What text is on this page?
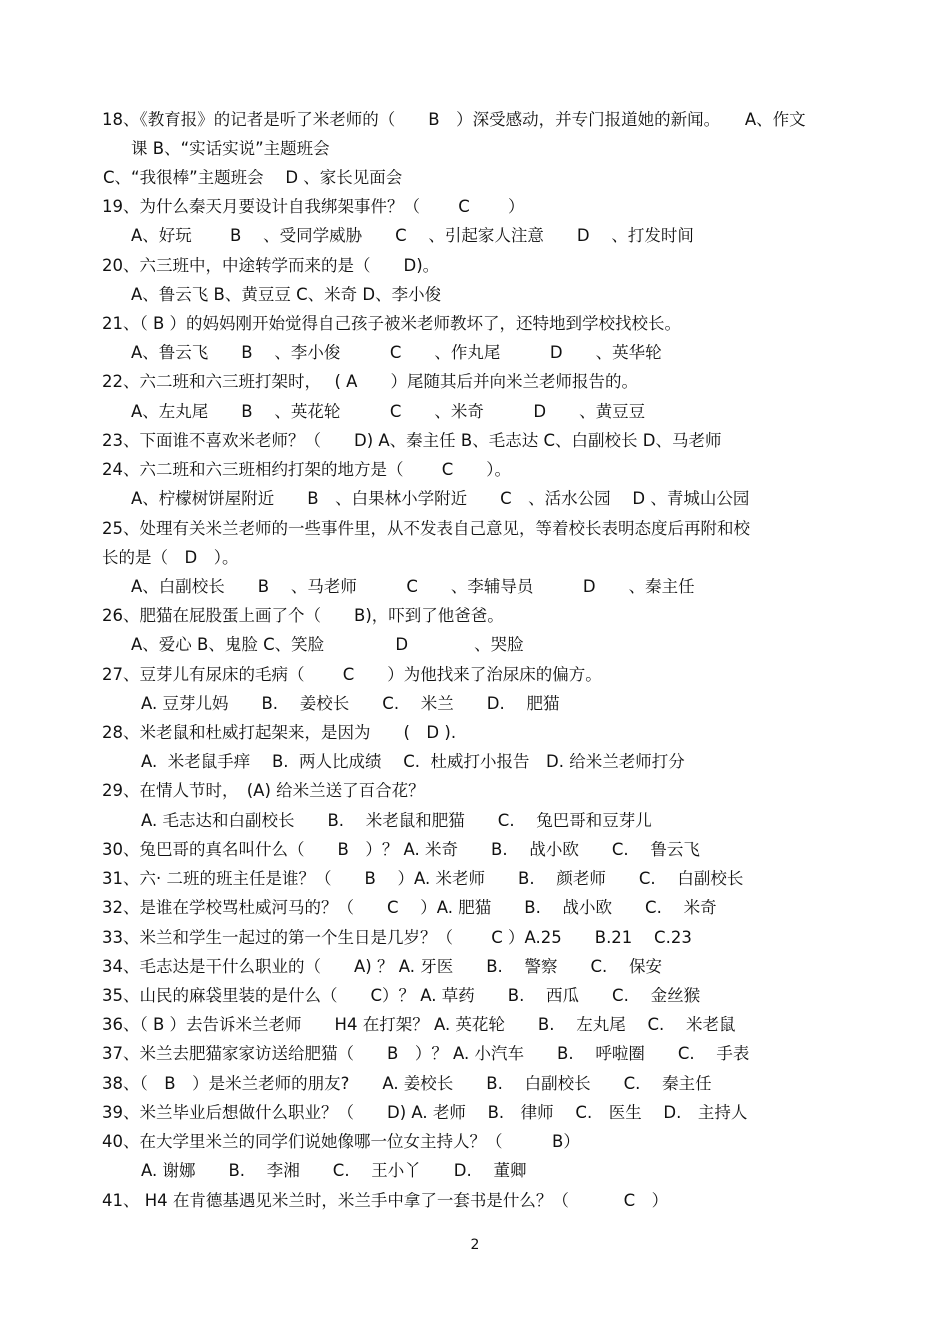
18、《教育报》的记者是听了米老师的（　　B　）深受感动，并专门报道她的新闻。　　A、作文
课 B、“实话实说”主题班会
C、“我很棒”主题班会　 D 、家长见面会
19、为什么秦天月要设计自我绑架事件？（　　 C　　 ）
A、好玩　　 B　 、受同学威胁　　C　 、引起家人注意　　D　 、打发时间
20、六三班中，中途转学而来的是（　　D)。
A、鲁云飞 B、黄豆豆 C、米奇 D、李小俊
21、（ B ）的妈妈刚开始觉得自己孩子被米老师教坏了，还特地到学校找校长。
A、鲁云飞　　B　 、李小俊　　　C　　、作丸尾　　　D　　、英华轮
22、六二班和六三班打架时，　 ( A　　）尾随其后并向米兰老师报告的。
A、左丸尾　　B　 、英花轮　　　C　　、米奇　　　D　　、黄豆豆
23、下面谁不喜欢米老师？（　　D) A、秦主任 B、毛志达 C、白副校长 D、马老师
24、六二班和六三班相约打架的地方是（　　 C　　）。
A、柠檬树饼屋附近　　B　、白果林小学附近　　C　、活水公园　 D 、青城山公园
25、处理有关米兰老师的一些事件里，从不发表自己意见，等着校长表明态度后再附和校
长的是（　D　）。
A、白副校长　　B　 、马老师　　　C　　、李辅导员　　　D　　、秦主任
26、肥猫在屁股蛋上画了个（　　B)，吓到了他爸爸。
A、爱心 B、鬼脸 C、笑脸　　　　 D　　　　、哭脸
27、豆芽儿有尿床的毛病（　　 C　　）为他找来了治尿床的偏方。
A. 豆芽儿妈　　B.　 姜校长　　C.　 米兰　　D.　 肥猫
28、米老鼠和杜威打起架来，是因为　　(　D ).
A.  米老鼠手痒　 B.  两人比成绩　 C.  杜威打小报告　D. 给米兰老师打分
29、在情人节时，　(A) 给米兰送了百合花？
A. 毛志达和白副校长　　B.　 米老鼠和肥猫　　C.　 兔巴哥和豆芽儿
30、兔巴哥的真名叫什么（　　B　）？ A. 米奇　　B.　 战小欧　　C.　 鲁云飞
31、六· 二班的班主任是谁？（　　B　 ）A. 米老师　　B.　 颜老师　　C.　 白副校长
32、是谁在学校骂杜威河马的？（　　C　 ）A. 肥猫　　B.　 战小欧　　C.　 米奇
33、米兰和学生一起过的第一个生日是几岁？（　　 C ）A.25　　B.21　 C.23
34、毛志达是干什么职业的（　　A) ？ A. 牙医　　B.　 警察　　C.　 保安
35、山民的麻袋里装的是什么（　　C）？ A. 草药　　B.　 西瓜　　C.　 金丝猴
36、（ B ）去告诉米兰老师　　H4 在打架？ A. 英花轮　　B.　 左丸尾　 C.　 米老鼠
37、米兰去肥猫家家访送给肥猫（　　B　）？ A. 小汽车　　B.　 呼啦圈　　C.　 手表
38、（　B　）是米兰老师的朋友?　　A. 姜校长　　B.　 白副校长　　C.　 秦主任
39、米兰毕业后想做什么职业？（　　D) A. 老师　 B.　律师　 C.　医生　 D.　主持人
40、在大学里米兰的同学们说她像哪一位女主持人？（　　　B）
A. 谢娜　　B.　 李湘　　C.　 王小丫　　D.　 董卿
41、 H4 在肯德基遇见米兰时，米兰手中拿了一套书是什么？（　　　 C　）
2
